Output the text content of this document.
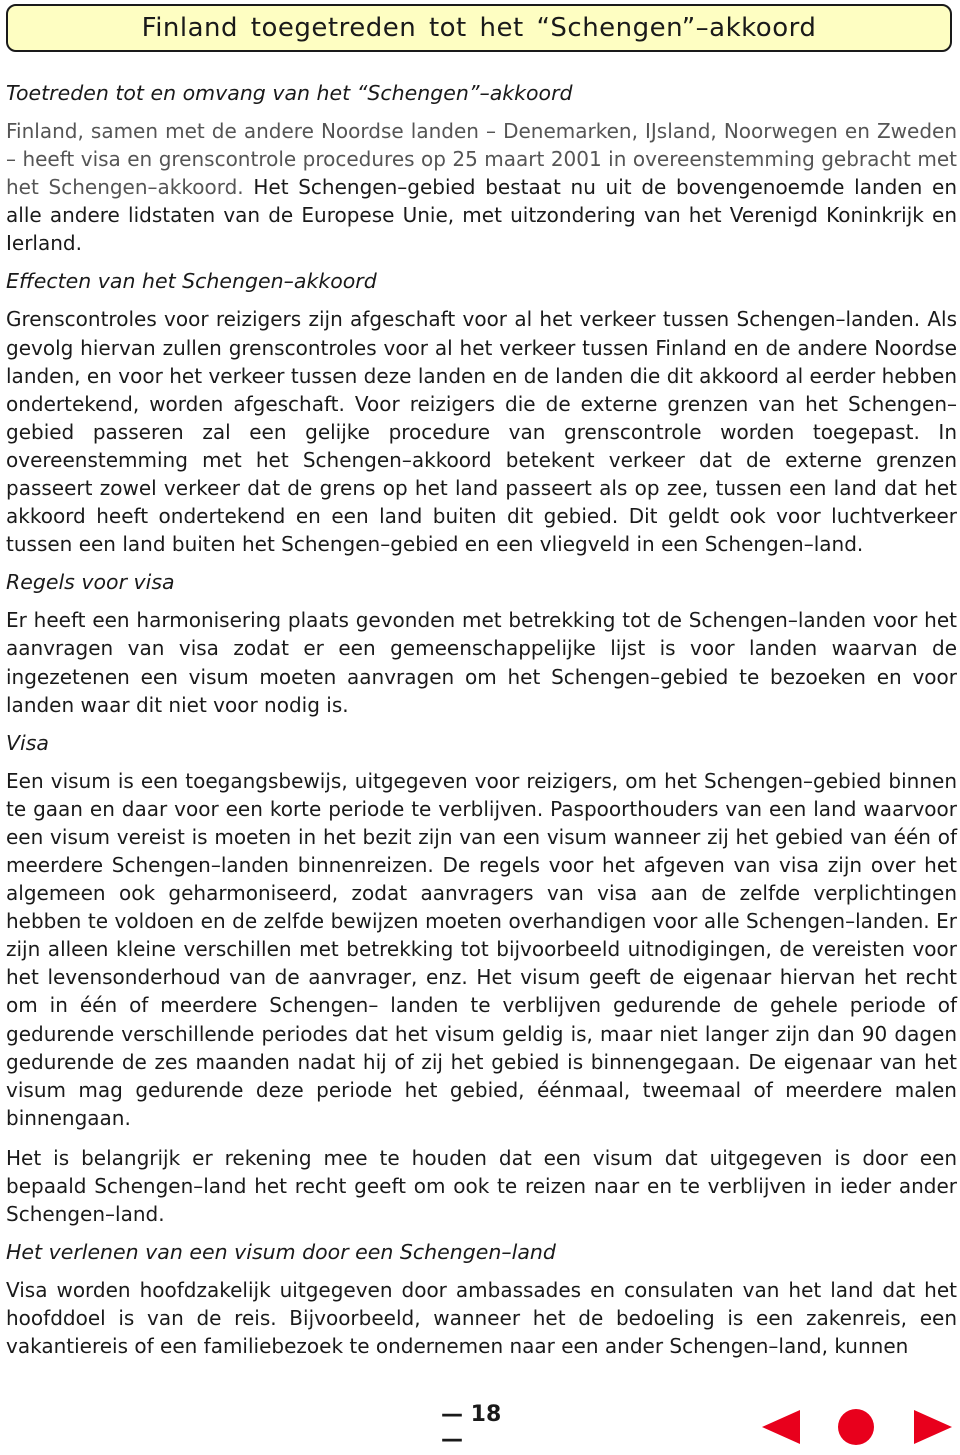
Finland toegetreden tot het “Schengen”–akkoord
Toetreden tot en omvang van het “Schengen”–akkoord

Finland, samen met de andere Noordse landen – Denemarken, IJsland, Noorwegen en Zweden – heeft visa en grenscontrole procedures op 25 maart 2001 in overeenstemming gebracht met het Schengen–akkoord. Het Schengen–gebied bestaat nu uit de bovengenoemde landen en alle andere lidstaten van de Europese Unie, met uitzondering van het Verenigd Koninkrijk en Ierland.

Effecten van het Schengen–akkoord

Grenscontroles voor reizigers zijn afgeschaft voor al het verkeer tussen Schengen–landen. Als gevolg hiervan zullen grenscontroles voor al het verkeer tussen Finland en de andere Noordse landen, en voor het verkeer tussen deze landen en de landen die dit akkoord al eerder hebben ondertekend, worden afgeschaft. Voor reizigers die de externe grenzen van het Schengen–gebied passeren zal een gelijke procedure van grenscontrole worden toegepast. In overeenstemming met het Schengen–akkoord betekent verkeer dat de externe grenzen passeert zowel verkeer dat de grens op het land passeert als op zee, tussen een land dat het akkoord heeft ondertekend en een land buiten dit gebied. Dit geldt ook voor luchtverkeer tussen een land buiten het Schengen–gebied en een vliegveld in een Schengen–land.

Regels voor visa

Er heeft een harmonisering plaats gevonden met betrekking tot de Schengen–landen voor het aanvragen van visa zodat er een gemeenschappelijke lijst is voor landen waarvan de ingezetenen een visum moeten aanvragen om het Schengen–gebied te bezoeken en voor landen waar dit niet voor nodig is.

Visa

Een visum is een toegangsbewijs, uitgegeven voor reizigers, om het Schengen–gebied binnen te gaan en daar voor een korte periode te verblijven. Paspoorthouders van een land waarvoor een visum vereist is moeten in het bezit zijn van een visum wanneer zij het gebied van één of meerdere Schengen–landen binnenreizen. De regels voor het afgeven van visa zijn over het algemeen ook geharmoniseerd, zodat aanvragers van visa aan de zelfde verplichtingen hebben te voldoen en de zelfde bewijzen moeten overhandigen voor alle Schengen–landen. Er zijn alleen kleine verschillen met betrekking tot bijvoorbeeld uitnodigingen, de vereisten voor het levensonderhoud van de aanvrager, enz. Het visum geeft de eigenaar hiervan het recht om in één of meerdere Schengen– landen te verblijven gedurende de gehele periode of gedurende verschillende periodes dat het visum geldig is, maar niet langer zijn dan 90 dagen gedurende de zes maanden nadat hij of zij het gebied is binnengegaan. De eigenaar van het visum mag gedurende deze periode het gebied, éénmaal, tweemaal of meerdere malen binnengaan.

Het is belangrijk er rekening mee te houden dat een visum dat uitgegeven is door een bepaald Schengen–land het recht geeft om ook te reizen naar en te verblijven in ieder ander Schengen–land.

Het verlenen van een visum door een Schengen–land

Visa worden hoofdzakelijk uitgegeven door ambassades en consulaten van het land dat het hoofddoel is van de reis. Bijvoorbeeld, wanneer het de bedoeling is een zakenreis, een vakantiereis of een familiebezoek te ondernemen naar een ander Schengen–land, kunnen

— 18 —
